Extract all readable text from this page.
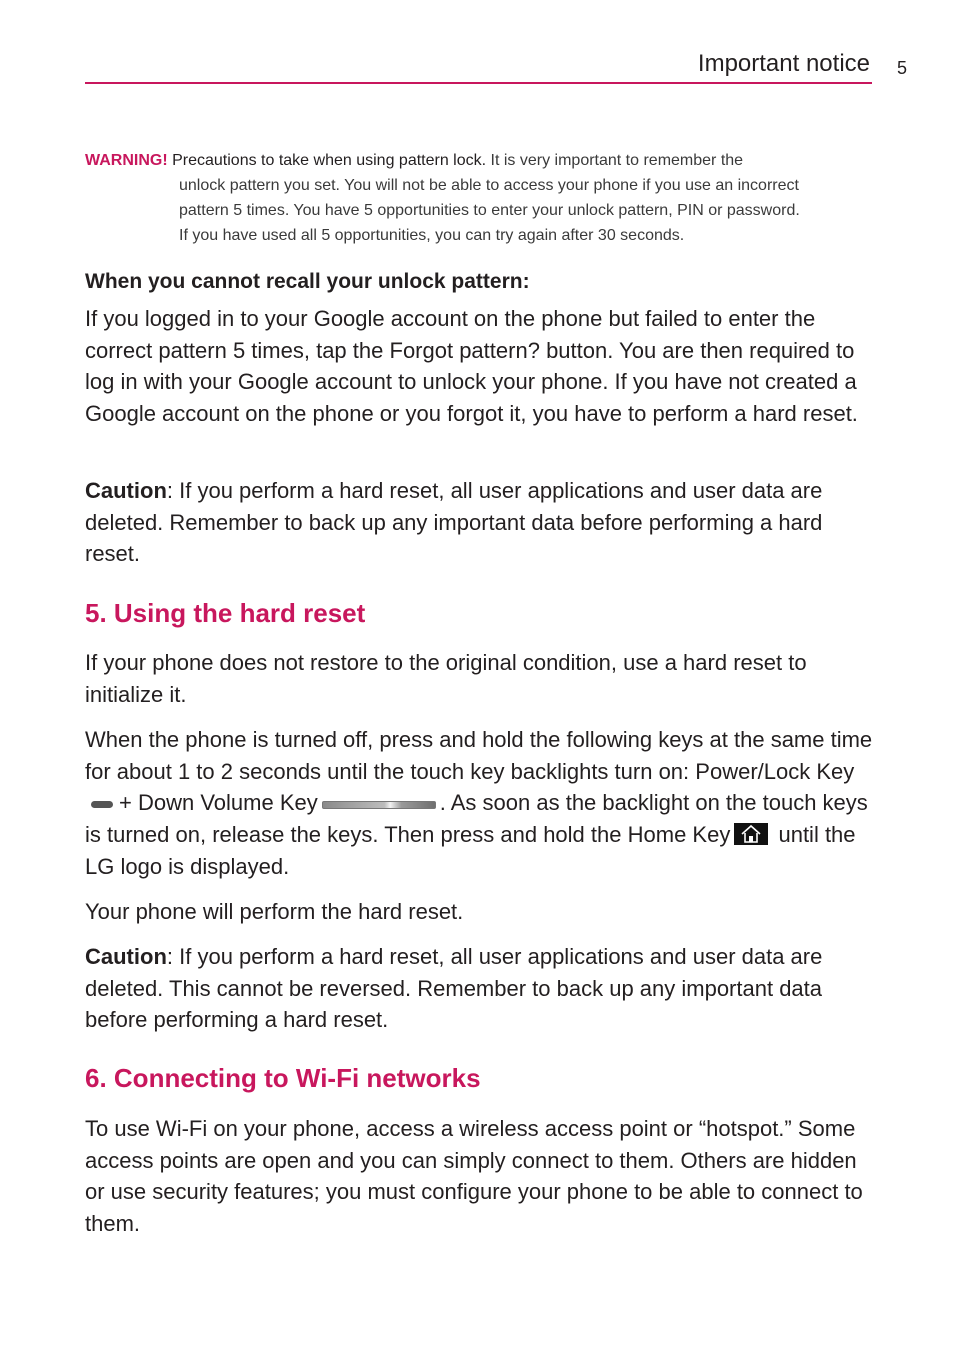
Important notice 5
WARNING! Precautions to take when using pattern lock. It is very important to remember the
unlock pattern you set. You will not be able to access your phone if you use an incorrect
pattern 5 times. You have 5 opportunities to enter your unlock pattern, PIN or password.
If you have used all 5 opportunities, you can try again after 30 seconds.
When you cannot recall your unlock pattern:

If you logged in to your Google account on the phone but failed to enter the correct pattern 5 times, tap the Forgot pattern? button. You are then required to log in with your Google account to unlock your phone. If you have not created a Google account on the phone or you forgot it, you have to perform a hard reset.

Caution: If you perform a hard reset, all user applications and user data are deleted. Remember to back up any important data before performing a hard reset.

5. Using the hard reset

If your phone does not restore to the original condition, use a hard reset to initialize it.

When the phone is turned off, press and hold the following keys at the same time for about 1 to 2 seconds until the touch key backlights turn on: Power/Lock Key+ Down Volume Key	. As soon as the backlight on the touch keys is turned on, release the keys. Then press and hold the Home Key until the LG logo is displayed.

Your phone will perform the hard reset.

Caution: If you perform a hard reset, all user applications and user data are deleted. This cannot be reversed. Remember to back up any important data before performing a hard reset.

6. Connecting to Wi-Fi networks

To use Wi-Fi on your phone, access a wireless access point or “hotspot.” Some access points are open and you can simply connect to them. Others are hidden or use security features; you must configure your phone to be able to connect to them.
